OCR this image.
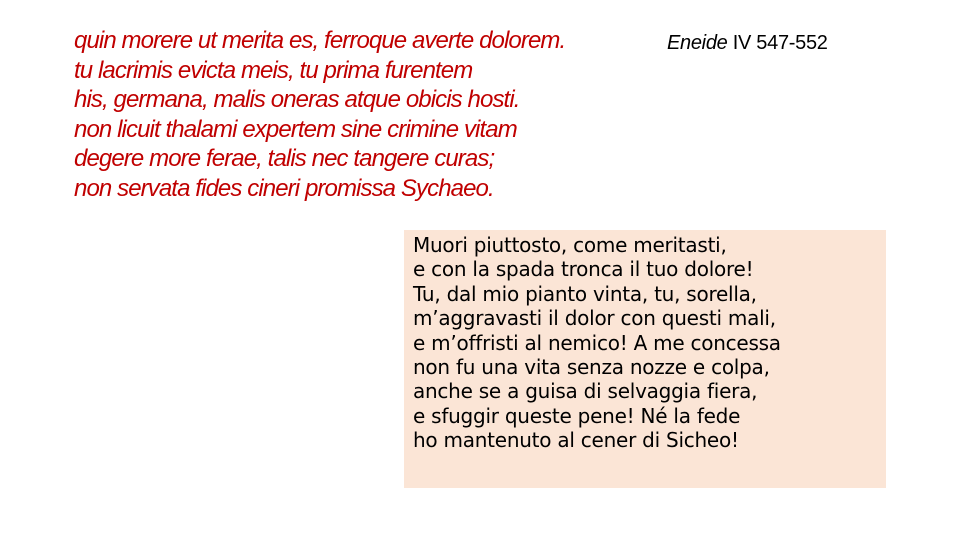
quin morere ut merita es, ferroque averte dolorem.
tu lacrimis evicta meis, tu prima furentem
his, germana, malis oneras atque obicis hosti.
non licuit thalami expertem sine crimine vitam
degere more ferae, talis nec tangere curas;
non servata fides cineri promissa Sychaeo.
Eneide IV 547-552
Muori piuttosto, come meritasti,
e con la spada tronca il tuo dolore!
Tu, dal mio pianto vinta, tu, sorella,
m’aggravasti il dolor con questi mali,
e m’offristi al nemico! A me concessa
non fu una vita senza nozze e colpa,
anche se a guisa di selvaggia fiera,
e sfuggir queste pene! Né la fede
ho mantenuto al cener di Sicheo!
